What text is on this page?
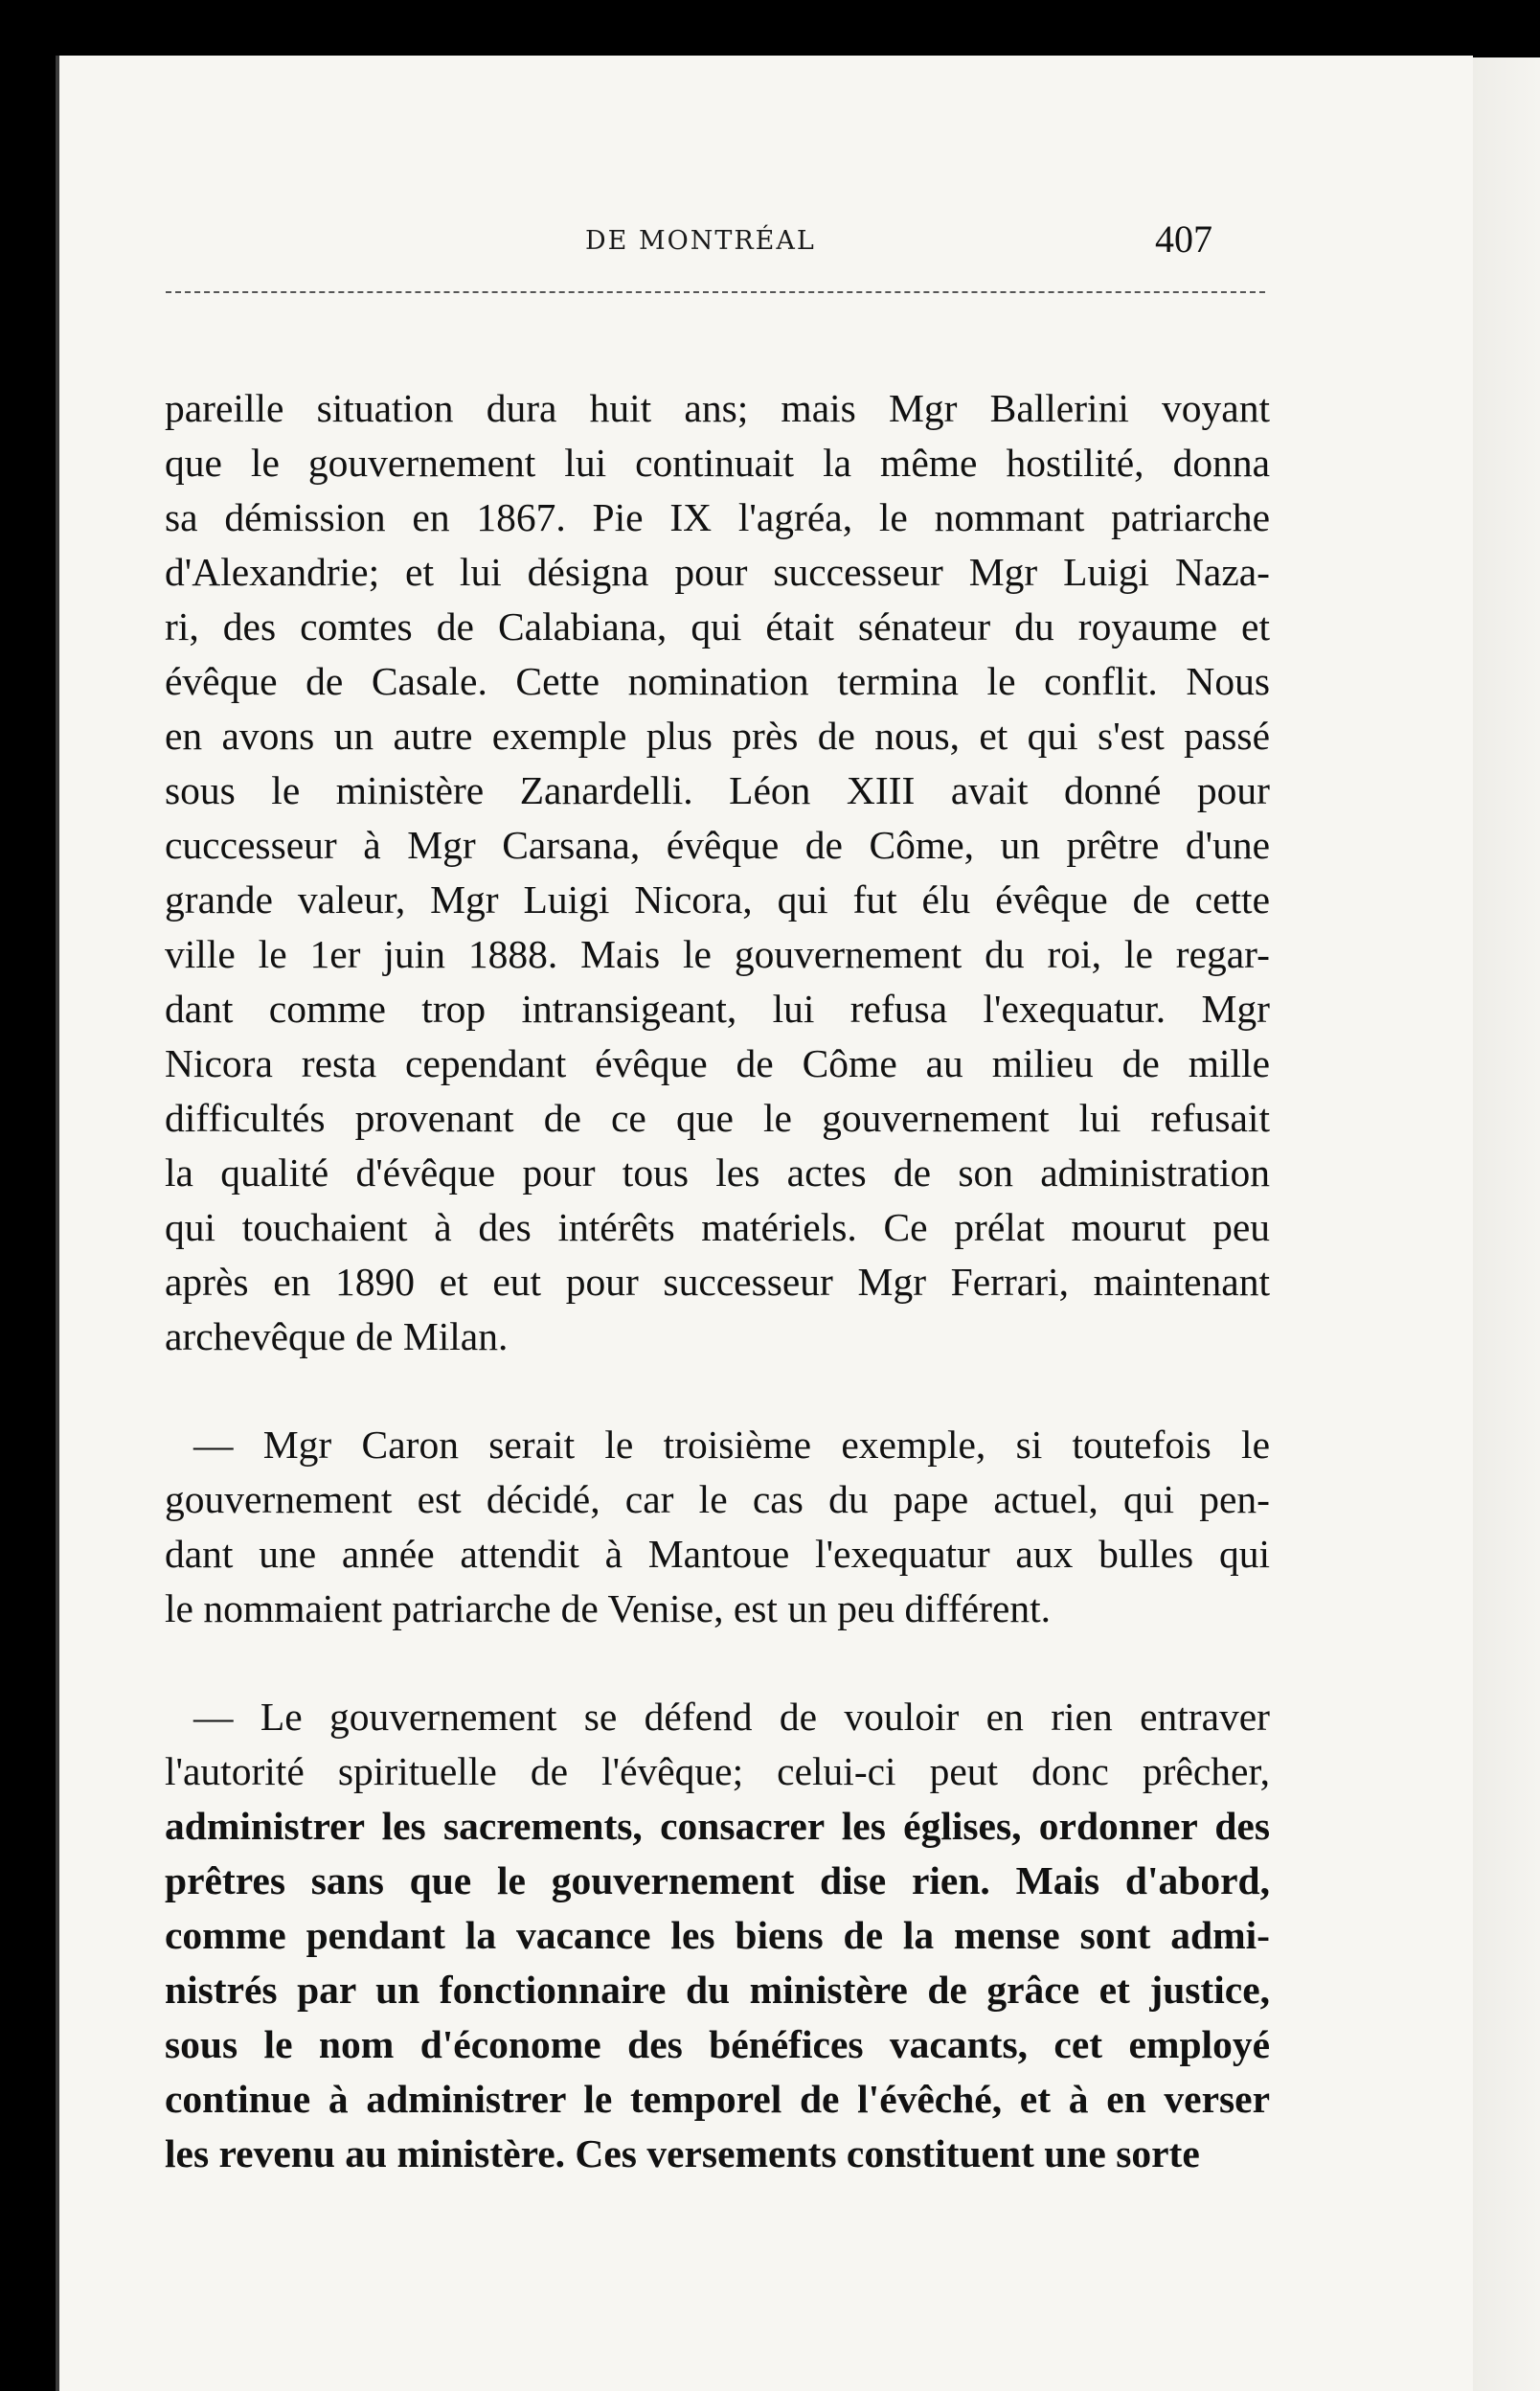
DE MONTRÉAL	407
pareille situation dura huit ans; mais Mgr Ballerini voyant
que le gouvernement lui continuait la même hostilité, donna
sa démission en 1867. Pie IX l'agréa, le nommant patriarche
d'Alexandrie; et lui désigna pour successeur Mgr Luigi Naza-
ri, des comtes de Calabiana, qui était sénateur du royaume et
évêque de Casale. Cette nomination termina le conflit. Nous
en avons un autre exemple plus près de nous, et qui s'est passé
sous le ministère Zanardelli. Léon XIII avait donné pour
cuccesseur à Mgr Carsana, évêque de Côme, un prêtre d'une
grande valeur, Mgr Luigi Nicora, qui fut élu évêque de cette
ville le 1er juin 1888. Mais le gouvernement du roi, le regar-
dant comme trop intransigeant, lui refusa l'exequatur. Mgr
Nicora resta cependant évêque de Côme au milieu de mille
difficultés provenant de ce que le gouvernement lui refusait
la qualité d'évêque pour tous les actes de son administration
qui touchaient à des intérêts matériels. Ce prélat mourut peu
après en 1890 et eut pour successeur Mgr Ferrari, maintenant
archevêque de Milan.
— Mgr Caron serait le troisième exemple, si toutefois le
gouvernement est décidé, car le cas du pape actuel, qui pen-
dant une année attendit à Mantoue l'exequatur aux bulles qui
le nommaient patriarche de Venise, est un peu différent.
— Le gouvernement se défend de vouloir en rien entraver
l'autorité spirituelle de l'évêque; celui-ci peut donc prêcher,
administrer les sacrements, consacrer les églises, ordonner des
prêtres sans que le gouvernement dise rien. Mais d'abord,
comme pendant la vacance les biens de la mense sont admi-
nistrés par un fonctionnaire du ministère de grâce et justice,
sous le nom d'économe des bénéfices vacants, cet employé
continue à administrer le temporel de l'évêché, et à en verser
les revenu au ministère. Ces versements constituent une sorte
